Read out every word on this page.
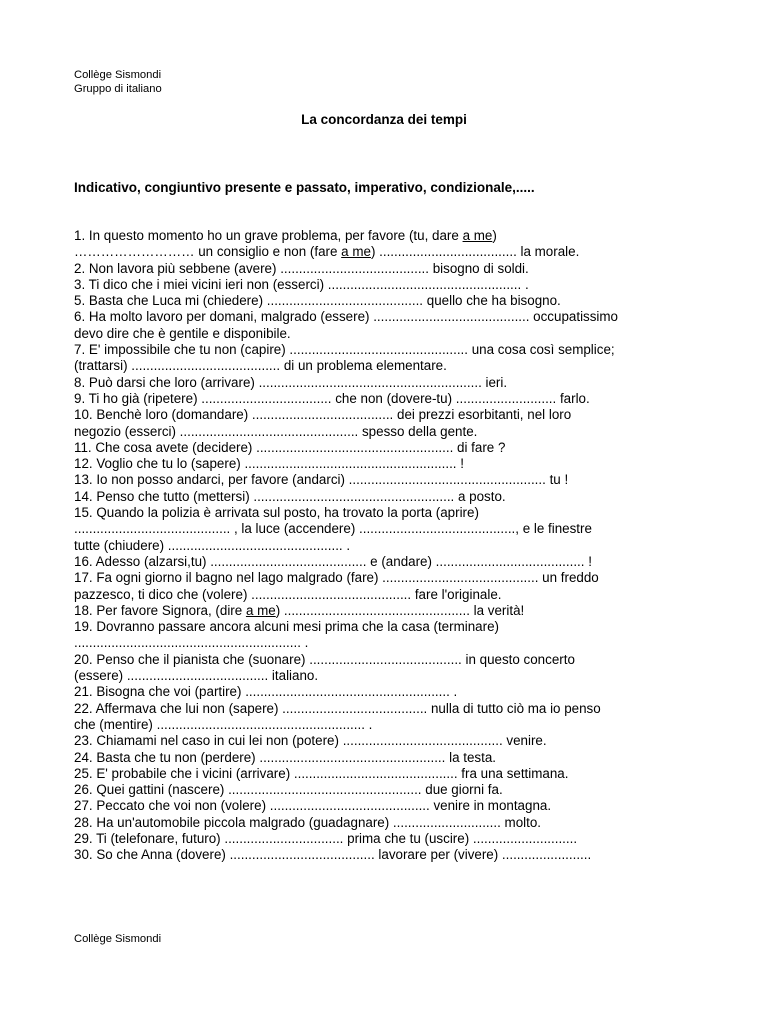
Collège Sismondi
Gruppo di italiano
La concordanza dei tempi
Indicativo, congiuntivo presente e passato, imperativo, condizionale,.....

1. In questo momento ho un grave problema, per favore (tu, dare a me)
……………………… un consiglio e non (fare a me) ..................................... la morale.

2. Non lavora più sebbene (avere) ........................................ bisogno di soldi.

3. Ti dico che i miei vicini ieri non (esserci) .................................................... .

5. Basta che Luca mi (chiedere) .......................................... quello che ha bisogno.

6. Ha molto lavoro per domani, malgrado (essere) .......................................... occupatissimo
devo dire che è gentile e disponibile.

7. E' impossibile che tu non (capire) ................................................ una cosa così semplice;
(trattarsi) ........................................ di un problema elementare.

8. Può darsi che loro (arrivare) ............................................................ ieri.

9. Ti ho già (ripetere) ................................... che non (dovere-tu) ........................... farlo.

10. Benchè loro (domandare) ...................................... dei prezzi esorbitanti, nel loro
negozio (esserci) ................................................ spesso della gente.

11. Che cosa avete (decidere) ..................................................... di fare ?

12. Voglio che tu lo (sapere) ......................................................... !

13. Io non posso andarci, per favore (andarci) ..................................................... tu !

14. Penso che tutto (mettersi) ...................................................... a posto.

15. Quando la polizia è arrivata sul posto, ha trovato la porta (aprire)
.......................................... , la luce (accendere) .........................................., e le finestre
tutte (chiudere) ............................................... .

16. Adesso (alzarsi,tu) .......................................... e (andare) ........................................ !

17. Fa ogni giorno il bagno nel lago malgrado (fare) .......................................... un freddo
pazzesco, ti dico che (volere) ........................................... fare l'originale.

18. Per favore Signora, (dire a me) .................................................. la verità!

19. Dovranno passare ancora alcuni mesi prima che la casa (terminare)
............................................................. .

20. Penso che il pianista che (suonare) ......................................... in questo concerto
(essere) ...................................... italiano.

21. Bisogna che voi (partire) ....................................................... .

22. Affermava che lui non (sapere) ....................................... nulla di tutto ciò ma io penso
che (mentire) ........................................................ .

23. Chiamami nel caso in cui lei non (potere) ........................................... venire.

24. Basta che tu non (perdere) .................................................. la testa.

25. E' probabile che i vicini (arrivare) ............................................ fra una settimana.

26. Quei gattini (nascere) .................................................... due giorni fa.

27. Peccato che voi non (volere) ........................................... venire in montagna.

28. Ha un'automobile piccola malgrado (guadagnare) ............................. molto.

29. Ti (telefonare, futuro) ................................ prima che tu (uscire) ............................

30. So che Anna (dovere) ....................................... lavorare per (vivere) ........................

Collège Sismondi
